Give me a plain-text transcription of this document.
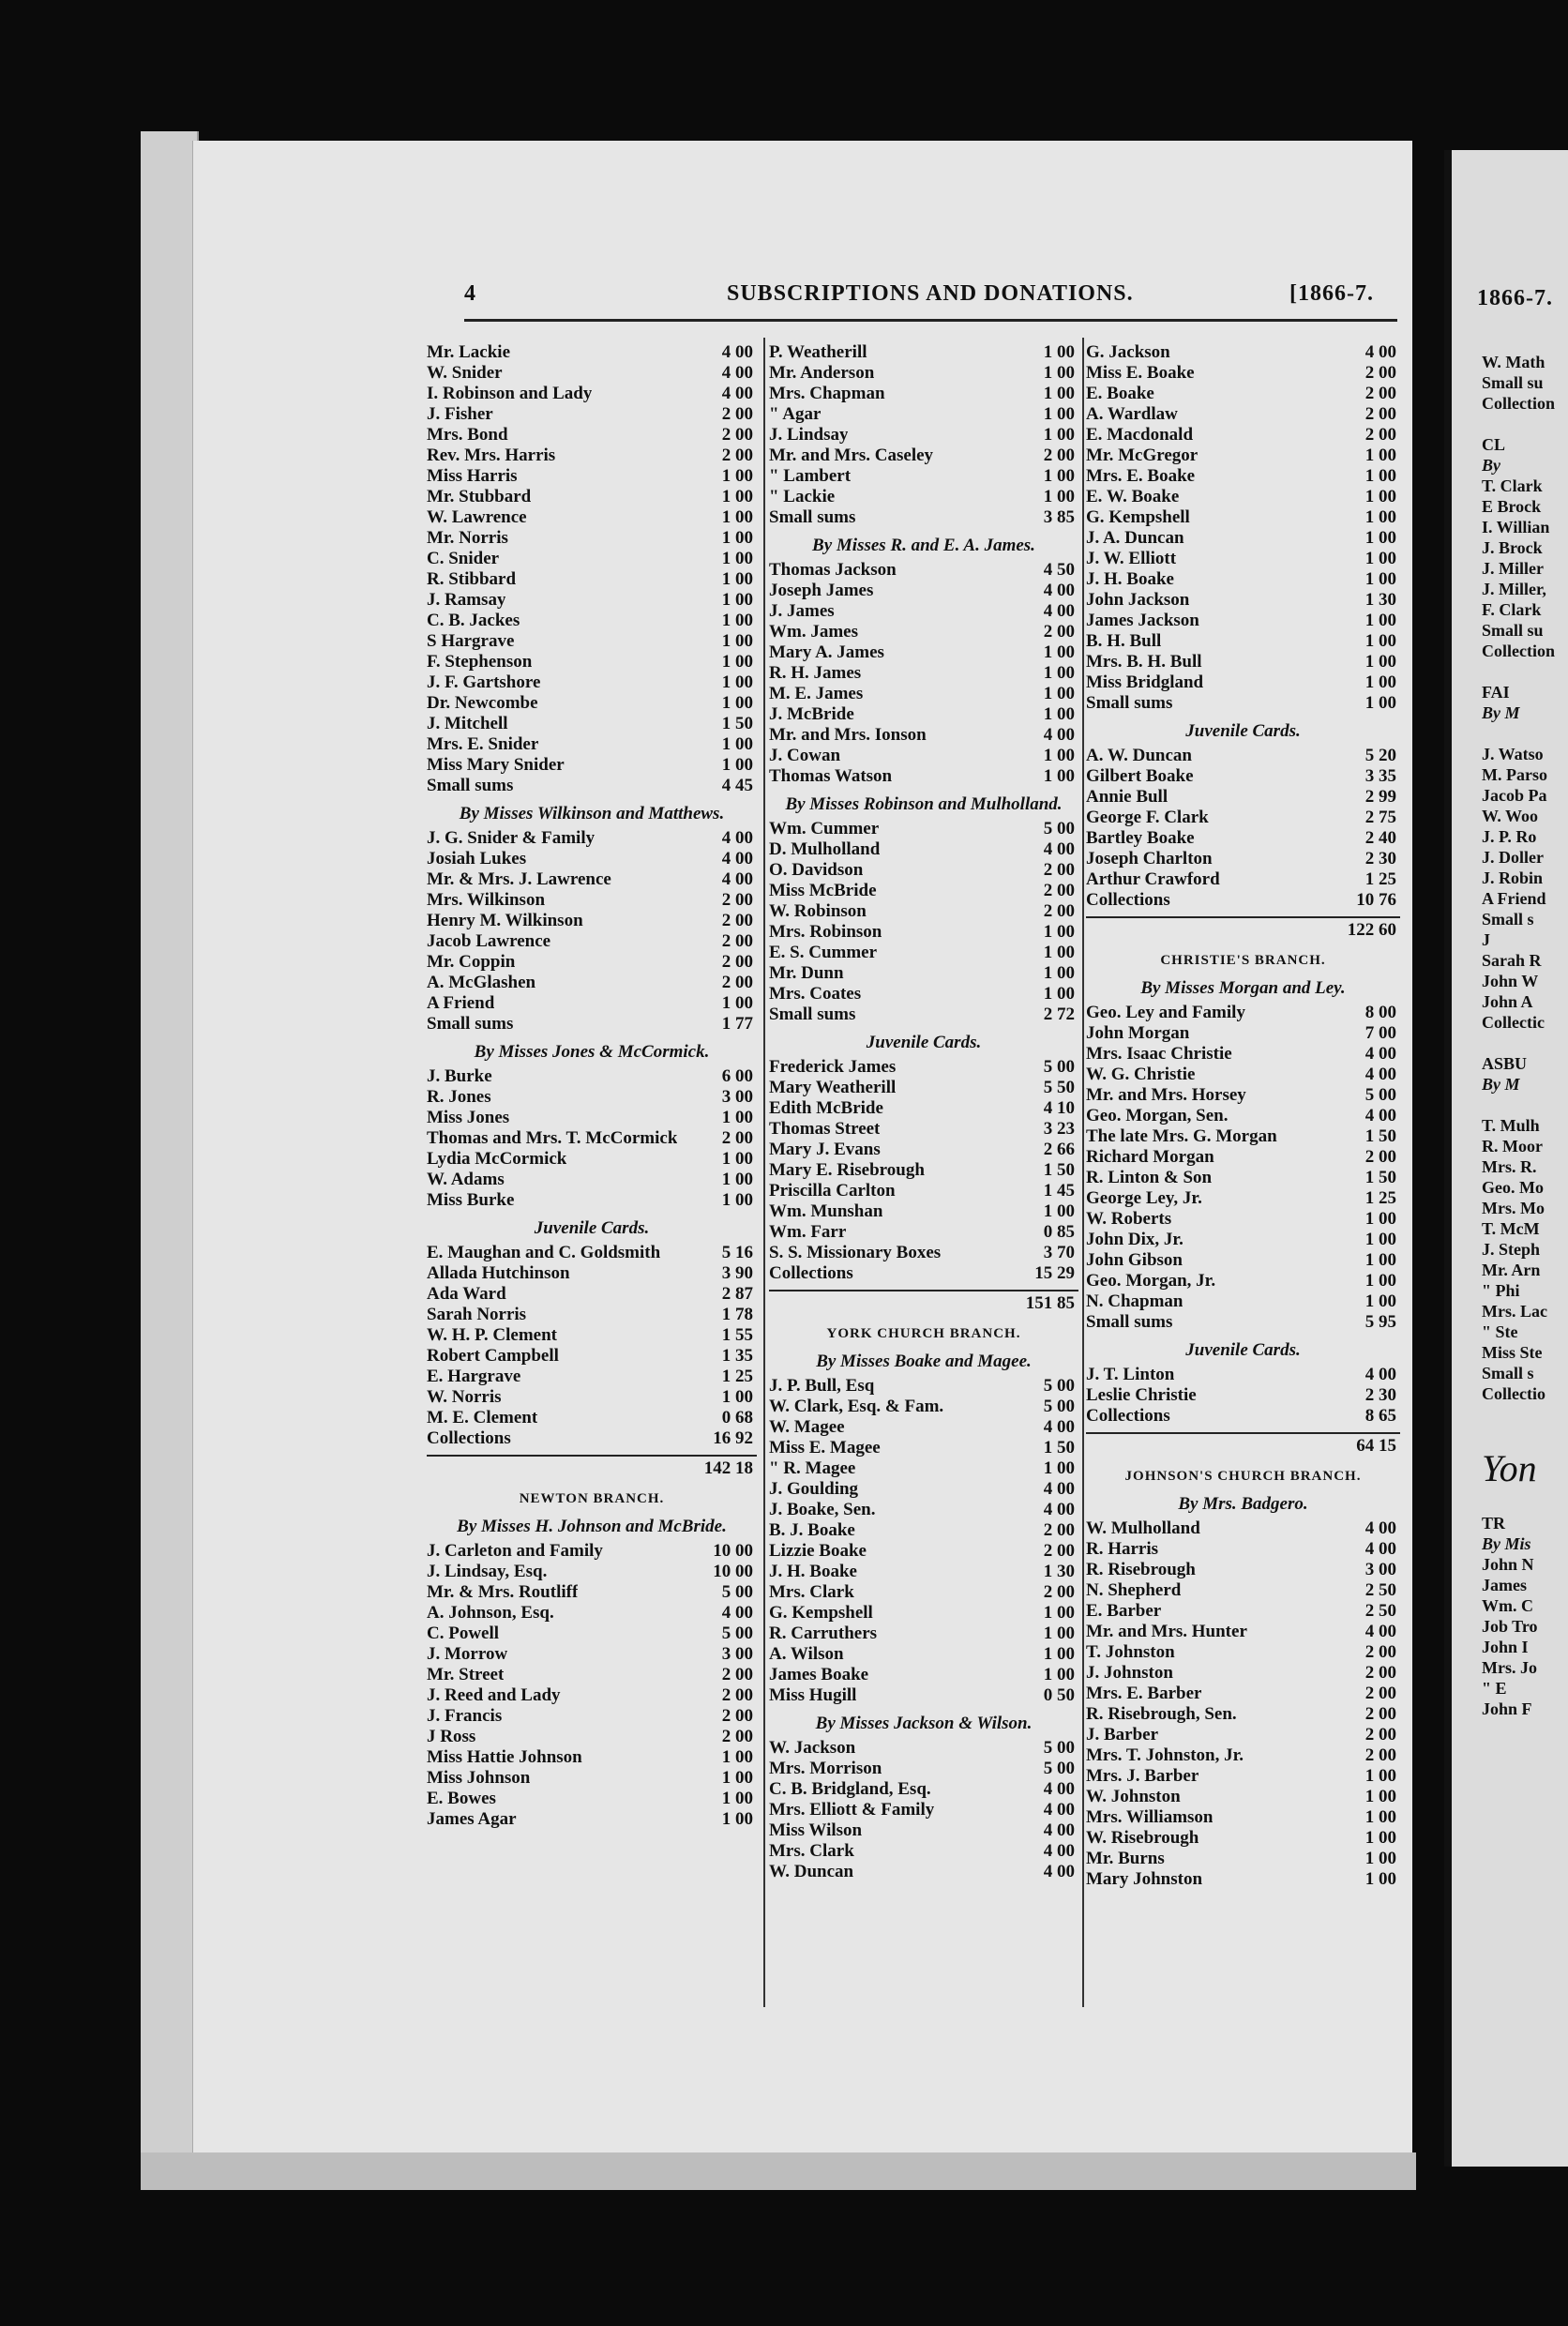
4	SUBSCRIPTIONS AND DONATIONS.	[1866-7.	1866-7.
Mr. Lackie	4 00
W. Snider	4 00
I. Robinson and Lady	4 00
J. Fisher	2 00
Mrs. Bond	2 00
Rev. Mrs. Harris	2 00
Miss Harris	1 00
Mr. Stubbard	1 00
W. Lawrence	1 00
Mr. Norris	1 00
C. Snider	1 00
R. Stibbard	1 00
J. Ramsay	1 00
C. B. Jackes	1 00
S Hargrave	1 00
F. Stephenson	1 00
J. F. Gartshore	1 00
Dr. Newcombe	1 00
J. Mitchell	1 50
Mrs. E. Snider	1 00
Miss Mary Snider	1 00
Small sums	4 45
By Misses Wilkinson and Matthews.
J. G. Snider & Family	4 00
Josiah Lukes	4 00
Mr. & Mrs. J. Lawrence	4 00
Mrs. Wilkinson	2 00
Henry M. Wilkinson	2 00
Jacob Lawrence	2 00
Mr. Coppin	2 00
A. McGlashen	2 00
A Friend	1 00
Small sums	1 77
By Misses Jones & McCormick.
J. Burke	6 00
R. Jones	3 00
Miss Jones	1 00
Thomas and Mrs. T. McCormick	2 00
Lydia McCormick	1 00
W. Adams	1 00
Miss Burke	1 00
Juvenile Cards.
E. Maughan and C. Goldsmith	5 16
Allada Hutchinson	3 90
Ada Ward	2 87
Sarah Norris	1 78
W. H. P. Clement	1 55
Robert Campbell	1 35
E. Hargrave	1 25
W. Norris	1 00
M. E. Clement	0 68
Collections	16 92
142 18
NEWTON BRANCH.
By Misses H. Johnson and McBride.
J. Carleton and Family	10 00
J. Lindsay, Esq.	10 00
Mr. & Mrs. Routliff	5 00
A. Johnson, Esq.	4 00
C. Powell	5 00
J. Morrow	3 00
Mr. Street	2 00
J. Reed and Lady	2 00
J. Francis	2 00
J Ross	2 00
Miss Hattie Johnson	1 00
Miss Johnson	1 00
E. Bowes	1 00
James Agar	1 00
P. Weatherill	1 00
Mr. Anderson	1 00
Mrs. Chapman	1 00
" Agar	1 00
J. Lindsay	1 00
Mr. and Mrs. Caseley	2 00
" Lambert	1 00
" Lackie	1 00
Small sums	3 85
By Misses R. and E. A. James.
Thomas Jackson	4 50
Joseph James	4 00
J. James	4 00
Wm. James	2 00
Mary A. James	1 00
R. H. James	1 00
M. E. James	1 00
J. McBride	1 00
Mr. and Mrs. Ionson	4 00
J. Cowan	1 00
Thomas Watson	1 00
By Misses Robinson and Mulholland.
Wm. Cummer	5 00
D. Mulholland	4 00
O. Davidson	2 00
Miss McBride	2 00
W. Robinson	2 00
Mrs. Robinson	1 00
E. S. Cummer	1 00
Mr. Dunn	1 00
Mrs. Coates	1 00
Small sums	2 72
Juvenile Cards.
Frederick James	5 00
Mary Weatherill	5 50
Edith McBride	4 10
Thomas Street	3 23
Mary J. Evans	2 66
Mary E. Risebrough	1 50
Priscilla Carlton	1 45
Wm. Munshan	1 00
Wm. Farr	0 85
S. S. Missionary Boxes	3 70
Collections	15 29
151 85
YORK CHURCH BRANCH.
By Misses Boake and Magee.
J. P. Bull, Esq	5 00
W. Clark, Esq. & Fam.	5 00
W. Magee	4 00
Miss E. Magee	1 50
" R. Magee	1 00
J. Goulding	4 00
J. Boake, Sen.	4 00
B. J. Boake	2 00
Lizzie Boake	2 00
J. H. Boake	1 30
Mrs. Clark	2 00
G. Kempshell	1 00
R. Carruthers	1 00
A. Wilson	1 00
James Boake	1 00
Miss Hugill	0 50
By Misses Jackson & Wilson.
W. Jackson	5 00
Mrs. Morrison	5 00
C. B. Bridgland, Esq.	4 00
Mrs. Elliott & Family	4 00
Miss Wilson	4 00
Mrs. Clark	4 00
W. Duncan	4 00
G. Jackson	4 00
Miss E. Boake	2 00
E. Boake	2 00
A. Wardlaw	2 00
E. Macdonald	2 00
Mr. McGregor	1 00
Mrs. E. Boake	1 00
E. W. Boake	1 00
G. Kempshell	1 00
J. A. Duncan	1 00
J. W. Elliott	1 00
J. H. Boake	1 00
John Jackson	1 30
James Jackson	1 00
B. H. Bull	1 00
Mrs. B. H. Bull	1 00
Miss Bridgland	1 00
Small sums	1 00
Juvenile Cards.
A. W. Duncan	5 20
Gilbert Boake	3 35
Annie Bull	2 99
George F. Clark	2 75
Bartley Boake	2 40
Joseph Charlton	2 30
Arthur Crawford	1 25
Collections	10 76
122 60
CHRISTIE'S BRANCH.
By Misses Morgan and Ley.
Geo. Ley and Family	8 00
John Morgan	7 00
Mrs. Isaac Christie	4 00
W. G. Christie	4 00
Mr. and Mrs. Horsey	5 00
Geo. Morgan, Sen.	4 00
The late Mrs. G. Morgan	1 50
Richard Morgan	2 00
R. Linton & Son	1 50
George Ley, Jr.	1 25
W. Roberts	1 00
John Dix, Jr.	1 00
John Gibson	1 00
Geo. Morgan, Jr.	1 00
N. Chapman	1 00
Small sums	5 95
Juvenile Cards.
J. T. Linton	4 00
Leslie Christie	2 30
Collections	8 65
64 15
JOHNSON'S CHURCH BRANCH.
By Mrs. Badgero.
W. Mulholland	4 00
R. Harris	4 00
R. Risebrough	3 00
N. Shepherd	2 50
E. Barber	2 50
Mr. and Mrs. Hunter	4 00
T. Johnston	2 00
J. Johnston	2 00
Mrs. E. Barber	2 00
R. Risebrough, Sen.	2 00
J. Barber	2 00
Mrs. T. Johnston, Jr.	2 00
Mrs. J. Barber	1 00
W. Johnston	1 00
Mrs. Williamson	1 00
W. Risebrough	1 00
Mr. Burns	1 00
Mary Johnston	1 00
W. Math
Small su
Collection
CL
By
T. Clark
E Brock
I. Willian
J. Brock
J. Miller
J. Miller,
F. Clark
Small su
Collection
FAI
By M
J. Watso
M. Parso
Jacob Pa
W. Woo
J. P. Ro
J. Doller
J. Robin
A Friend
Small s
J
Sarah R
John W
John A
Collectic
ASBU
By M
T. Mulh
R. Moor
Mrs. R.
Geo. Mo
Mrs. Mo
T. McM
J. Steph
Mr. Arn
" Phi
Mrs. Lac
" Ste
Miss Ste
Small s
Collectio
Yon
TR
By Mis
John N
James
Wm. C
Job Tro
John I
Mrs. Jo
" E
John F
